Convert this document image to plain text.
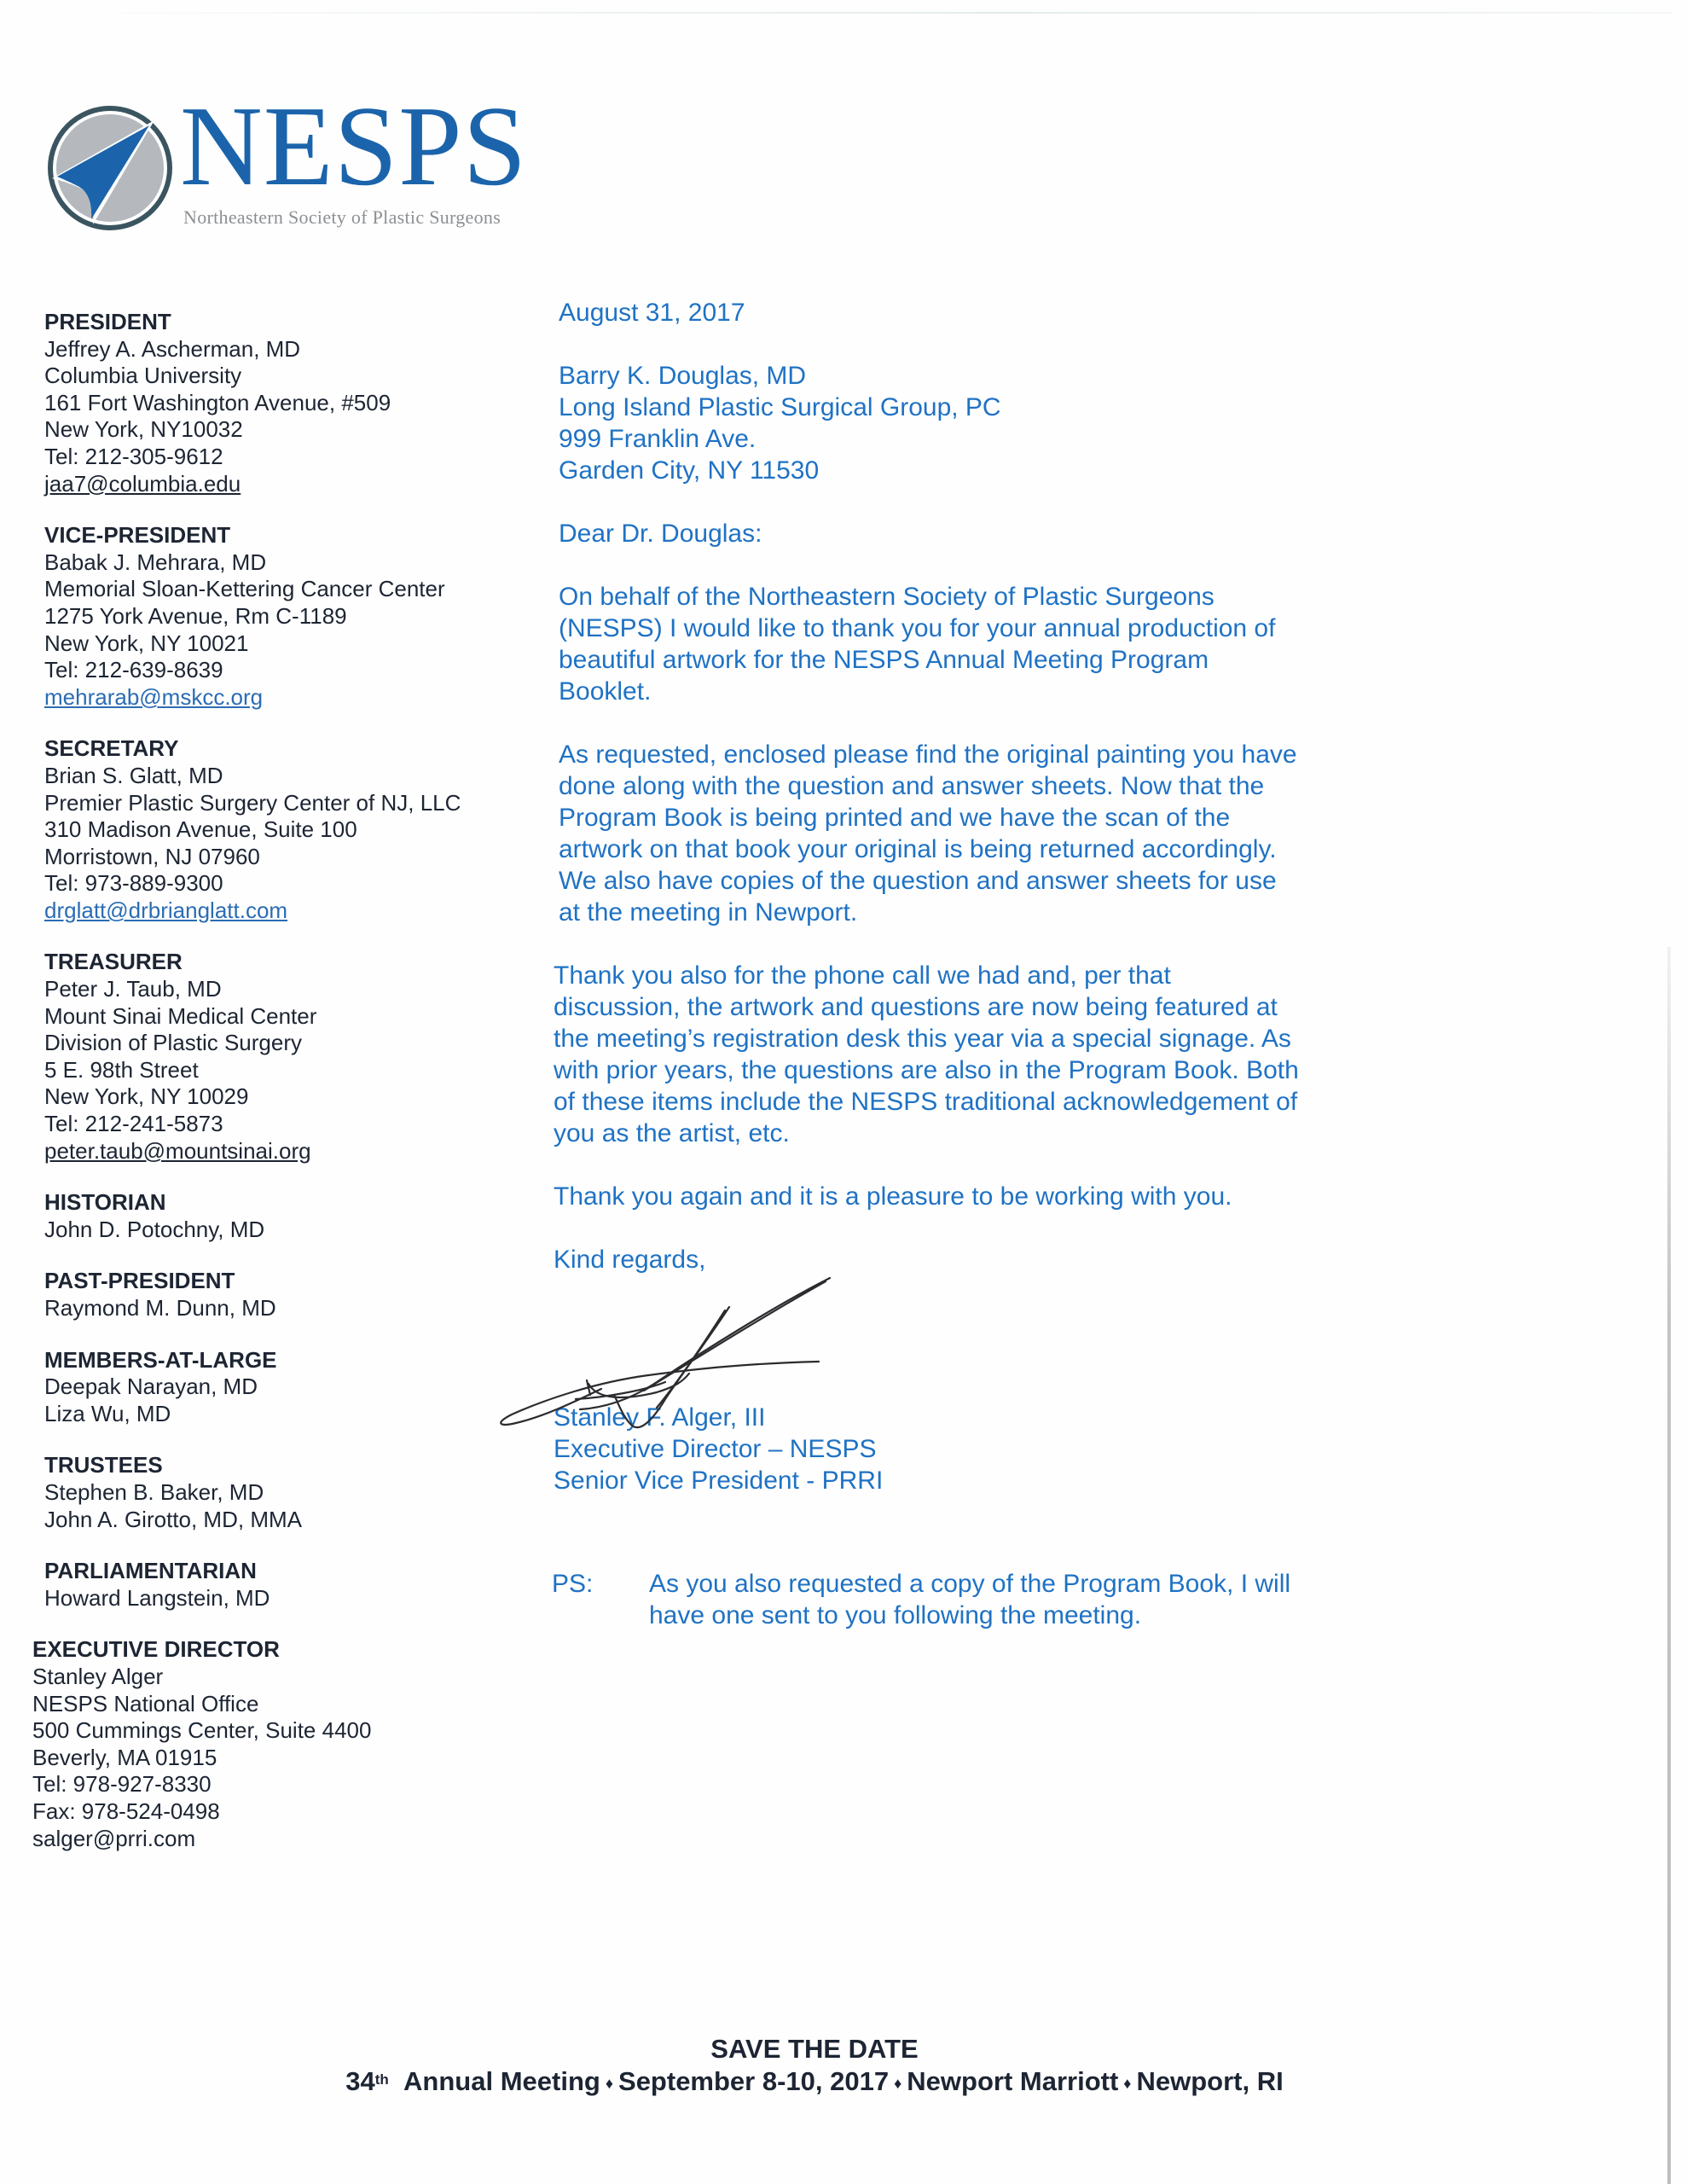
NESPS
Northeastern Society of Plastic Surgeons
PRESIDENT
Jeffrey A. Ascherman, MD
Columbia University
161 Fort Washington Avenue, #509
New York, NY10032
Tel: 212-305-9612
jaa7@columbia.edu
VICE-PRESIDENT
Babak J. Mehrara, MD
Memorial Sloan-Kettering Cancer Center
1275 York Avenue, Rm C-1189
New York, NY 10021
Tel: 212-639-8639
mehrarab@mskcc.org
SECRETARY
Brian S. Glatt, MD
Premier Plastic Surgery Center of NJ, LLC
310 Madison Avenue, Suite 100
Morristown, NJ 07960
Tel: 973-889-9300
drglatt@drbrianglatt.com
TREASURER
Peter J. Taub, MD
Mount Sinai Medical Center
Division of Plastic Surgery
5 E. 98th Street
New York, NY 10029
Tel: 212-241-5873
peter.taub@mountsinai.org
HISTORIAN
John D. Potochny, MD
PAST-PRESIDENT
Raymond M. Dunn, MD
MEMBERS-AT-LARGE
Deepak Narayan, MD
Liza Wu, MD
TRUSTEES
Stephen B. Baker, MD
John A. Girotto, MD, MMA
PARLIAMENTARIAN
Howard Langstein, MD
EXECUTIVE DIRECTOR
Stanley Alger
NESPS National Office
500 Cummings Center, Suite 4400
Beverly, MA 01915
Tel: 978-927-8330
Fax: 978-524-0498
salger@prri.com

August 31, 2017

Barry K. Douglas, MD
Long Island Plastic Surgical Group, PC
999 Franklin Ave.
Garden City, NY 11530

Dear Dr. Douglas:

On behalf of the Northeastern Society of Plastic Surgeons
(NESPS) I would like to thank you for your annual production of
beautiful artwork for the NESPS Annual Meeting Program
Booklet.
As requested, enclosed please find the original painting you have
done along with the question and answer sheets. Now that the
Program Book is being printed and we have the scan of the
artwork on that book your original is being returned accordingly.
We also have copies of the question and answer sheets for use
at the meeting in Newport.
Thank you also for the phone call we had and, per that
discussion, the artwork and questions are now being featured at
the meeting’s registration desk this year via a special signage. As
with prior years, the questions are also in the Program Book. Both
of these items include the NESPS traditional acknowledgement of
you as the artist, etc.
Thank you again and it is a pleasure to be working with you.

Kind regards,

Stanley F. Alger, III
Executive Director – NESPS
Senior Vice President - PRRI
PS: As you also requested a copy of the Program Book, I will
have one sent to you following the meeting.
SAVE THE DATE
34th Annual Meeting ♦ September 8-10, 2017 ♦ Newport Marriott ♦ Newport, RI
